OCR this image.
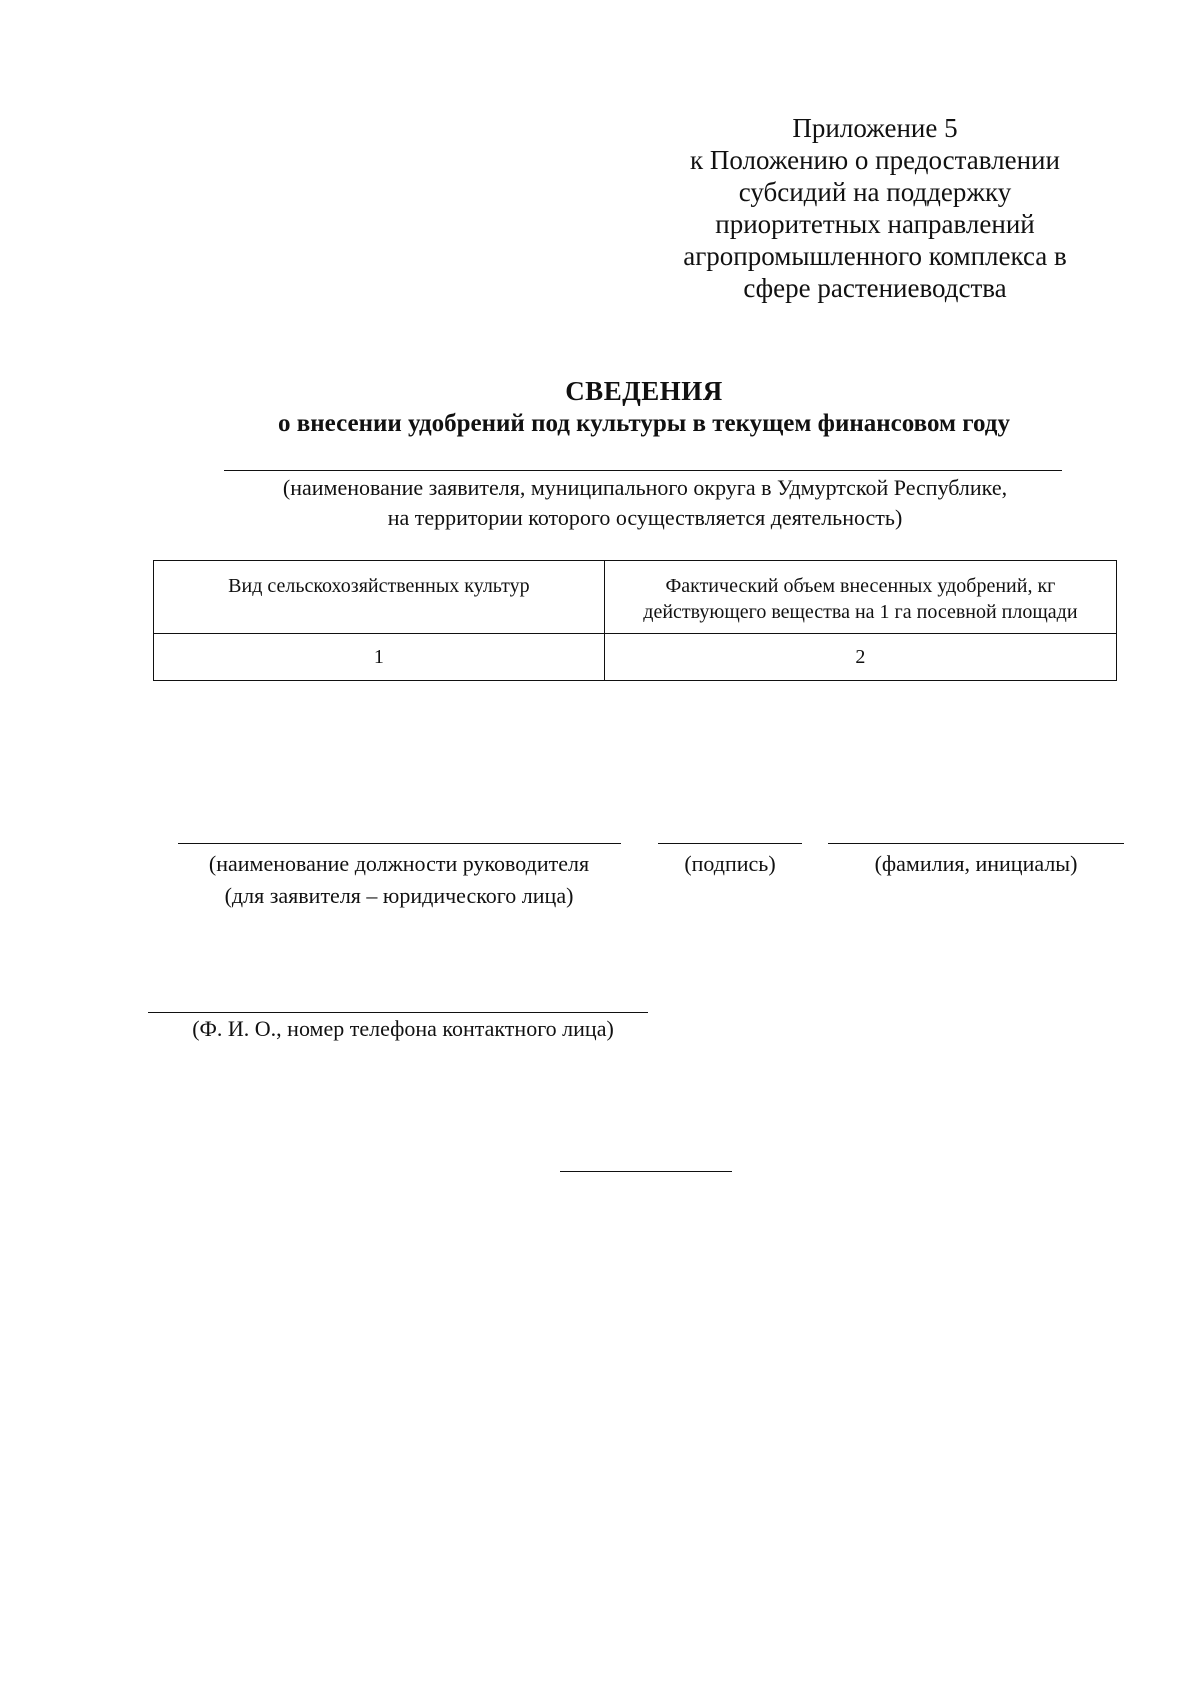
Приложение 5
к Положению о предоставлении
субсидий на поддержку
приоритетных направлений
агропромышленного комплекса в
сфере растениеводства
СВЕДЕНИЯ
о внесении удобрений под культуры в текущем финансовом году
(наименование заявителя, муниципального округа в Удмуртской Республике,
на территории которого осуществляется деятельность)
Вид сельскохозяйственных культур	Фактический объем внесенных удобрений, кг
действующего вещества на 1 га посевной площади

1	2
(наименование должности руководителя
(для заявителя – юридического лица)
(подпись)	(фамилия, инициалы)
(Ф. И. О., номер телефона контактного лица)
